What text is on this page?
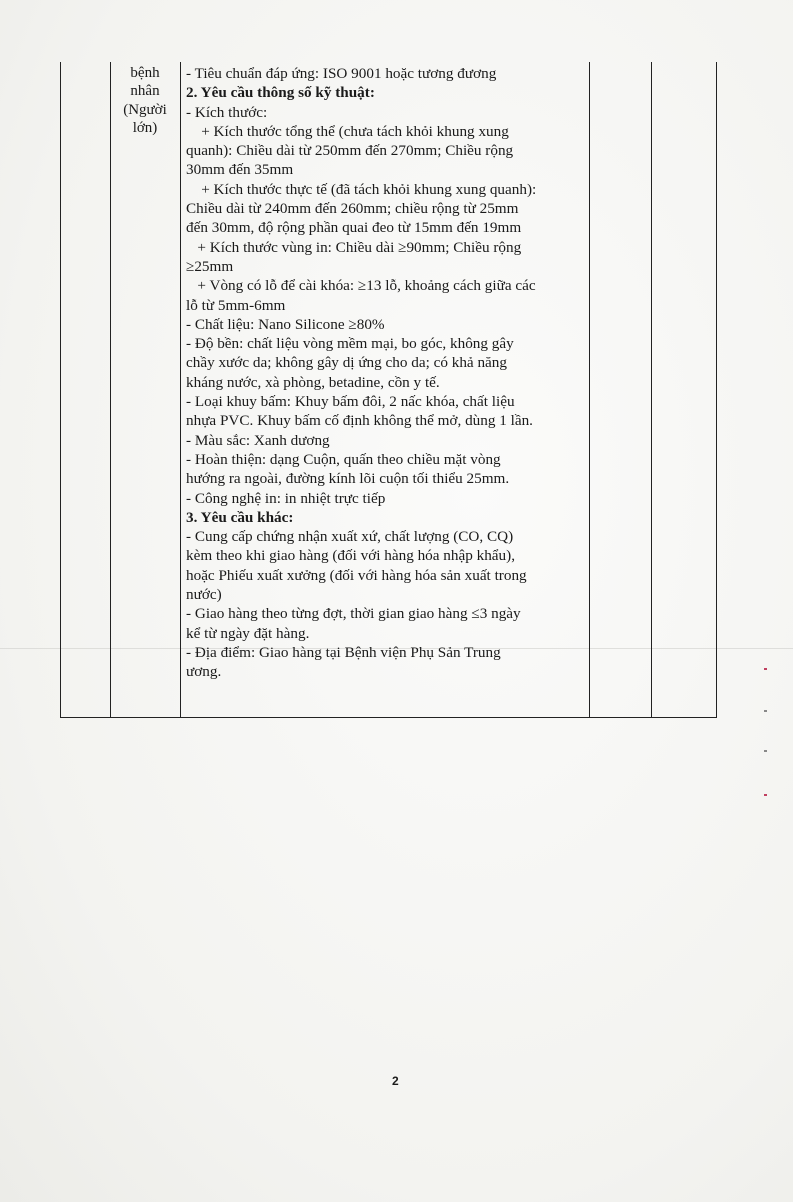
bệnh
nhân
(Người
lớn)
- Tiêu chuẩn đáp ứng: ISO 9001 hoặc tương đương
2. Yêu cầu thông số kỹ thuật:
- Kích thước:
+ Kích thước tổng thể (chưa tách khỏi khung xung
quanh): Chiều dài từ 250mm đến 270mm; Chiều rộng
30mm đến 35mm
+ Kích thước thực tế (đã tách khỏi khung xung quanh):
Chiều dài từ 240mm đến 260mm; chiều rộng từ 25mm
đến 30mm, độ rộng phần quai đeo từ 15mm đến 19mm
+ Kích thước vùng in: Chiều dài ≥90mm; Chiều rộng
≥25mm
+ Vòng có lỗ để cài khóa: ≥13 lỗ, khoảng cách giữa các
lỗ từ 5mm-6mm
- Chất liệu: Nano Silicone ≥80%
- Độ bền: chất liệu vòng mềm mại, bo góc, không gây
chầy xước da; không gây dị ứng cho da; có khả năng
kháng nước, xà phòng, betadine, cồn y tế.
- Loại khuy bấm: Khuy bấm đôi, 2 nấc khóa, chất liệu
nhựa PVC. Khuy bấm cố định không thể mở, dùng 1 lần.
- Màu sắc: Xanh dương
- Hoàn thiện: dạng Cuộn, quấn theo chiều mặt vòng
hướng ra ngoài, đường kính lõi cuộn tối thiểu 25mm.
- Công nghệ in: in nhiệt trực tiếp
3. Yêu cầu khác:
- Cung cấp chứng nhận xuất xứ, chất lượng (CO, CQ)
kèm theo khi giao hàng (đối với hàng hóa nhập khẩu),
hoặc Phiếu xuất xưởng (đối với hàng hóa sản xuất trong
nước)
- Giao hàng theo từng đợt, thời gian giao hàng ≤3 ngày
kể từ ngày đặt hàng.
- Địa điểm: Giao hàng tại Bệnh viện Phụ Sản Trung
ương.
2
